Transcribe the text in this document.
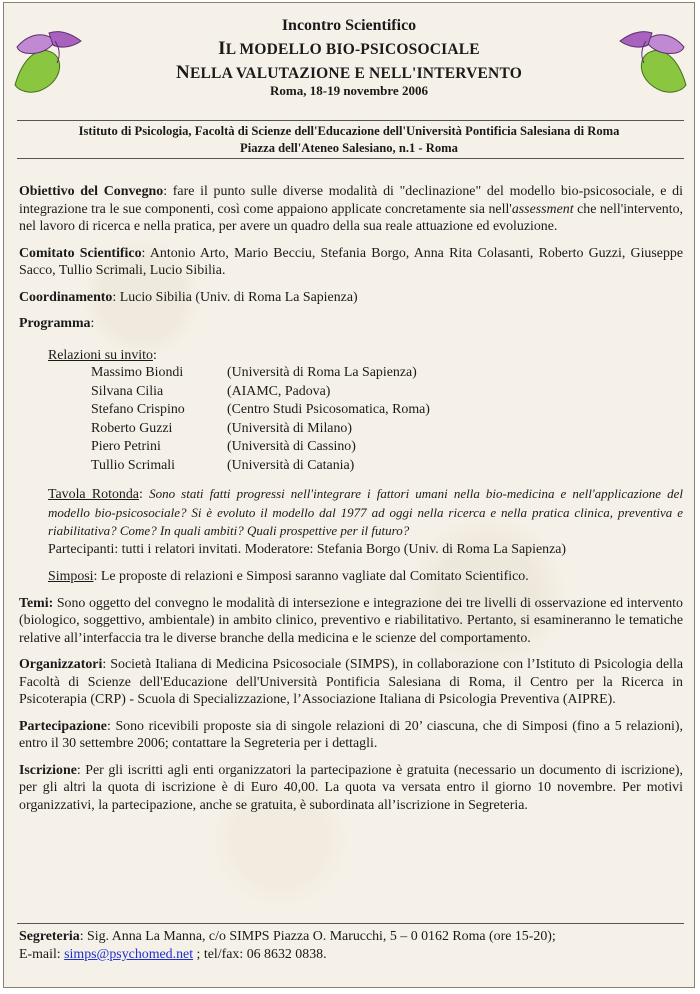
Incontro Scientifico
IL MODELLO BIO-PSICOSOCIALE
NELLA VALUTAZIONE E NELL'INTERVENTO
Roma, 18-19 novembre 2006
Istituto di Psicologia, Facoltà di Scienze dell'Educazione dell'Università Pontificia Salesiana di Roma
Piazza dell'Ateneo Salesiano, n.1 - Roma

Obiettivo del Convegno: fare il punto sulle diverse modalità di "declinazione" del modello bio-psicosociale, e di integrazione tra le sue componenti, così come appaiono applicate concretamente sia nell'assessment che nell'intervento, nel lavoro di ricerca e nella pratica, per avere un quadro della sua reale attuazione ed evoluzione.

Comitato Scientifico: Antonio Arto, Mario Becciu, Stefania Borgo, Anna Rita Colasanti, Roberto Guzzi, Giuseppe Sacco, Tullio Scrimali, Lucio Sibilia.

Coordinamento: Lucio Sibilia (Univ. di Roma La Sapienza)

Programma:

Relazioni su invito:
Massimo Biondi	(Università di Roma La Sapienza)
Silvana Cilia	(AIAMC, Padova)
Stefano Crispino	(Centro Studi Psicosomatica, Roma)
Roberto Guzzi	(Università di Milano)
Piero Petrini	(Università di Cassino)
Tullio Scrimali	(Università di Catania)

Tavola Rotonda: Sono stati fatti progressi nell'integrare i fattori umani nella bio-medicina e nell'applicazione del modello bio-psicosociale? Si è evoluto il modello dal 1977 ad oggi nella ricerca e nella pratica clinica, preventiva e riabilitativa? Come? In quali ambiti? Quali prospettive per il futuro?

Partecipanti: tutti i relatori invitati. Moderatore: Stefania Borgo (Univ. di Roma La Sapienza)

Simposi: Le proposte di relazioni e Simposi saranno vagliate dal Comitato Scientifico.

Temi: Sono oggetto del convegno le modalità di intersezione e integrazione dei tre livelli di osservazione ed intervento (biologico, soggettivo, ambientale) in ambito clinico, preventivo e riabilitativo. Pertanto, si esamineranno le tematiche relative all’interfaccia tra le diverse branche della medicina e le scienze del comportamento.

Organizzatori: Società Italiana di Medicina Psicosociale (SIMPS), in collaborazione con l’Istituto di Psicologia della Facoltà di Scienze dell'Educazione dell'Università Pontificia Salesiana di Roma, il Centro per la Ricerca in Psicoterapia (CRP) - Scuola di Specializzazione, l’Associazione Italiana di Psicologia Preventiva (AIPRE).

Partecipazione: Sono ricevibili proposte sia di singole relazioni di 20’ ciascuna, che di Simposi (fino a 5 relazioni), entro il 30 settembre 2006; contattare la Segreteria per i dettagli.

Iscrizione: Per gli iscritti agli enti organizzatori la partecipazione è gratuita (necessario un documento di iscrizione), per gli altri la quota di iscrizione è di Euro 40,00. La quota va versata entro il giorno 10 novembre. Per motivi organizzativi, la partecipazione, anche se gratuita, è subordinata all’iscrizione in Segreteria.

Segreteria: Sig. Anna La Manna, c/o SIMPS Piazza O. Marucchi, 5 – 0 0162 Roma (ore 15-20);

E-mail: simps@psychomed.net ; tel/fax: 06 8632 0838.
